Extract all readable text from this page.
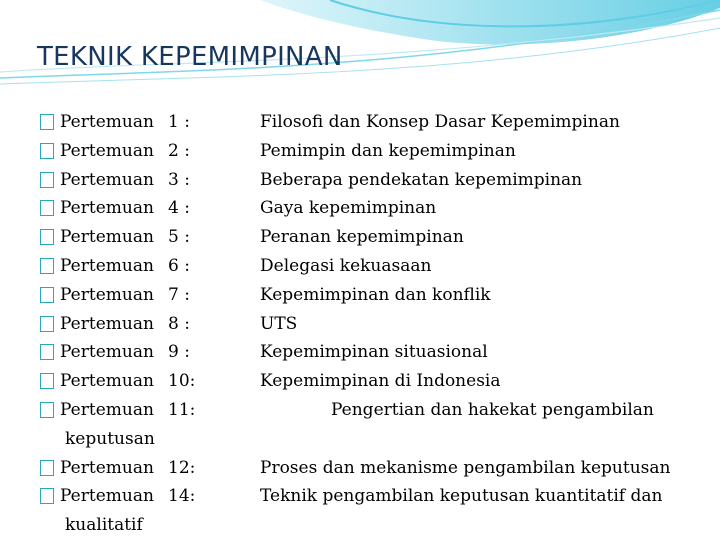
TEKNIK KEPEMIMPINAN
Pertemuan 1 :	Filosofi dan Konsep Dasar Kepemimpinan
Pertemuan 2 :	Pemimpin dan kepemimpinan
Pertemuan 3 :	Beberapa pendekatan kepemimpinan
Pertemuan 4 :	Gaya kepemimpinan
Pertemuan 5 :	Peranan kepemimpinan
Pertemuan 6 :	Delegasi kekuasaan
Pertemuan 7 :	Kepemimpinan dan konflik
Pertemuan 8 :	UTS
Pertemuan 9 :	Kepemimpinan situasional
Pertemuan 10:	Kepemimpinan di Indonesia
Pertemuan 11:	Pengertian dan hakekat pengambilan
keputusan
Pertemuan 12:	Proses dan mekanisme pengambilan keputusan
Pertemuan 14:	Teknik pengambilan keputusan kuantitatif dan
kualitatif
